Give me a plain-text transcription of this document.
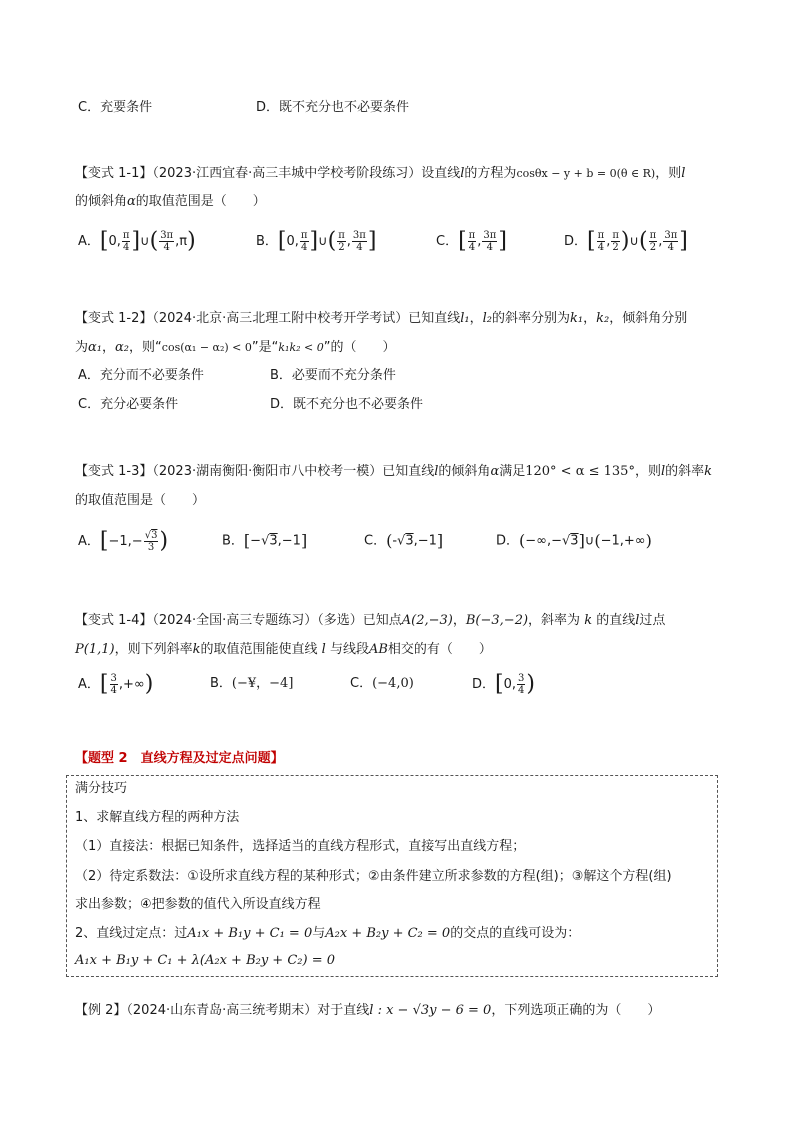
C．充要条件	D．既不充分也不必要条件
【变式 1-1】（2023·江西宜春·高三丰城中学校考阶段练习）设直线l的方程为cosθx − y + b = 0(θ ∈ R)，则l
的倾斜角α的取值范围是（　　）
A．[0, $\frac{\pi}{4}$ ]∪( $\frac{3\pi}{4} ,\pi$)	B．[0, $\frac{\pi}{4}$ ]∪( $\frac{\pi}{2}$ , $\frac{3\pi}{4}$ ]	C．[ $\frac{\pi}{4}$ , $\frac{3\pi}{4}$ ]	D．[ $\frac{\pi}{4}$ , $\frac{\pi}{2}$ )∪( $\frac{\pi}{2}$ , $\frac{3\pi}{4}$ ]
【变式 1-2】（2024·北京·高三北理工附中校考开学考试）已知直线l₁，l₂的斜率分别为k₁，k₂，倾斜角分别
为α₁，α₂，则“cos(α₁ − α₂) < 0”是“k₁k₂ < 0”的（　　）
A．充分而不必要条件	B．必要而不充分条件
C．充分必要条件	D．既不充分也不必要条件
【变式 1-3】（2023·湖南衡阳·衡阳市八中校考一模）已知直线l的倾斜角α满足120° < α ≤ 135°，则l的斜率k
的取值范围是（　　）
A．[$-1,- \frac{√3}{3}$ )	B．[−√3,−1]	C．(-√3,−1]	D．(−∞,−√3]∪(−1,+∞)
【变式 1-4】（2024·全国·高三专题练习）（多选）已知点A(2,−3)，B(−3,−2)，斜率为 k 的直线l过点
P(1,1)，则下列斜率k的取值范围能使直线 l 与线段AB相交的有（　　）
A．[ $\frac{3}{4}$ ,+∞)	B．(−¥，−4]	C．(−4,0)	D．[0, $\frac{3}{4}$ )
【题型 2　直线方程及过定点问题】
满分技巧
1、求解直线方程的两种方法
（1）直接法：根据已知条件，选择适当的直线方程形式，直接写出直线方程；
（2）待定系数法：①设所求直线方程的某种形式；②由条件建立所求参数的方程(组)；③解这个方程(组)
求出参数；④把参数的值代入所设直线方程
2、直线过定点：过A₁x + B₁y + C₁ = 0与A₂x + B₂y + C₂ = 0的交点的直线可设为：
A₁x + B₁y + C₁ + λ(A₂x + B₂y + C₂) = 0
【例 2】（2024·山东青岛·高三统考期末）对于直线l : x − √3y − 6 = 0，下列选项正确的为（　　）
